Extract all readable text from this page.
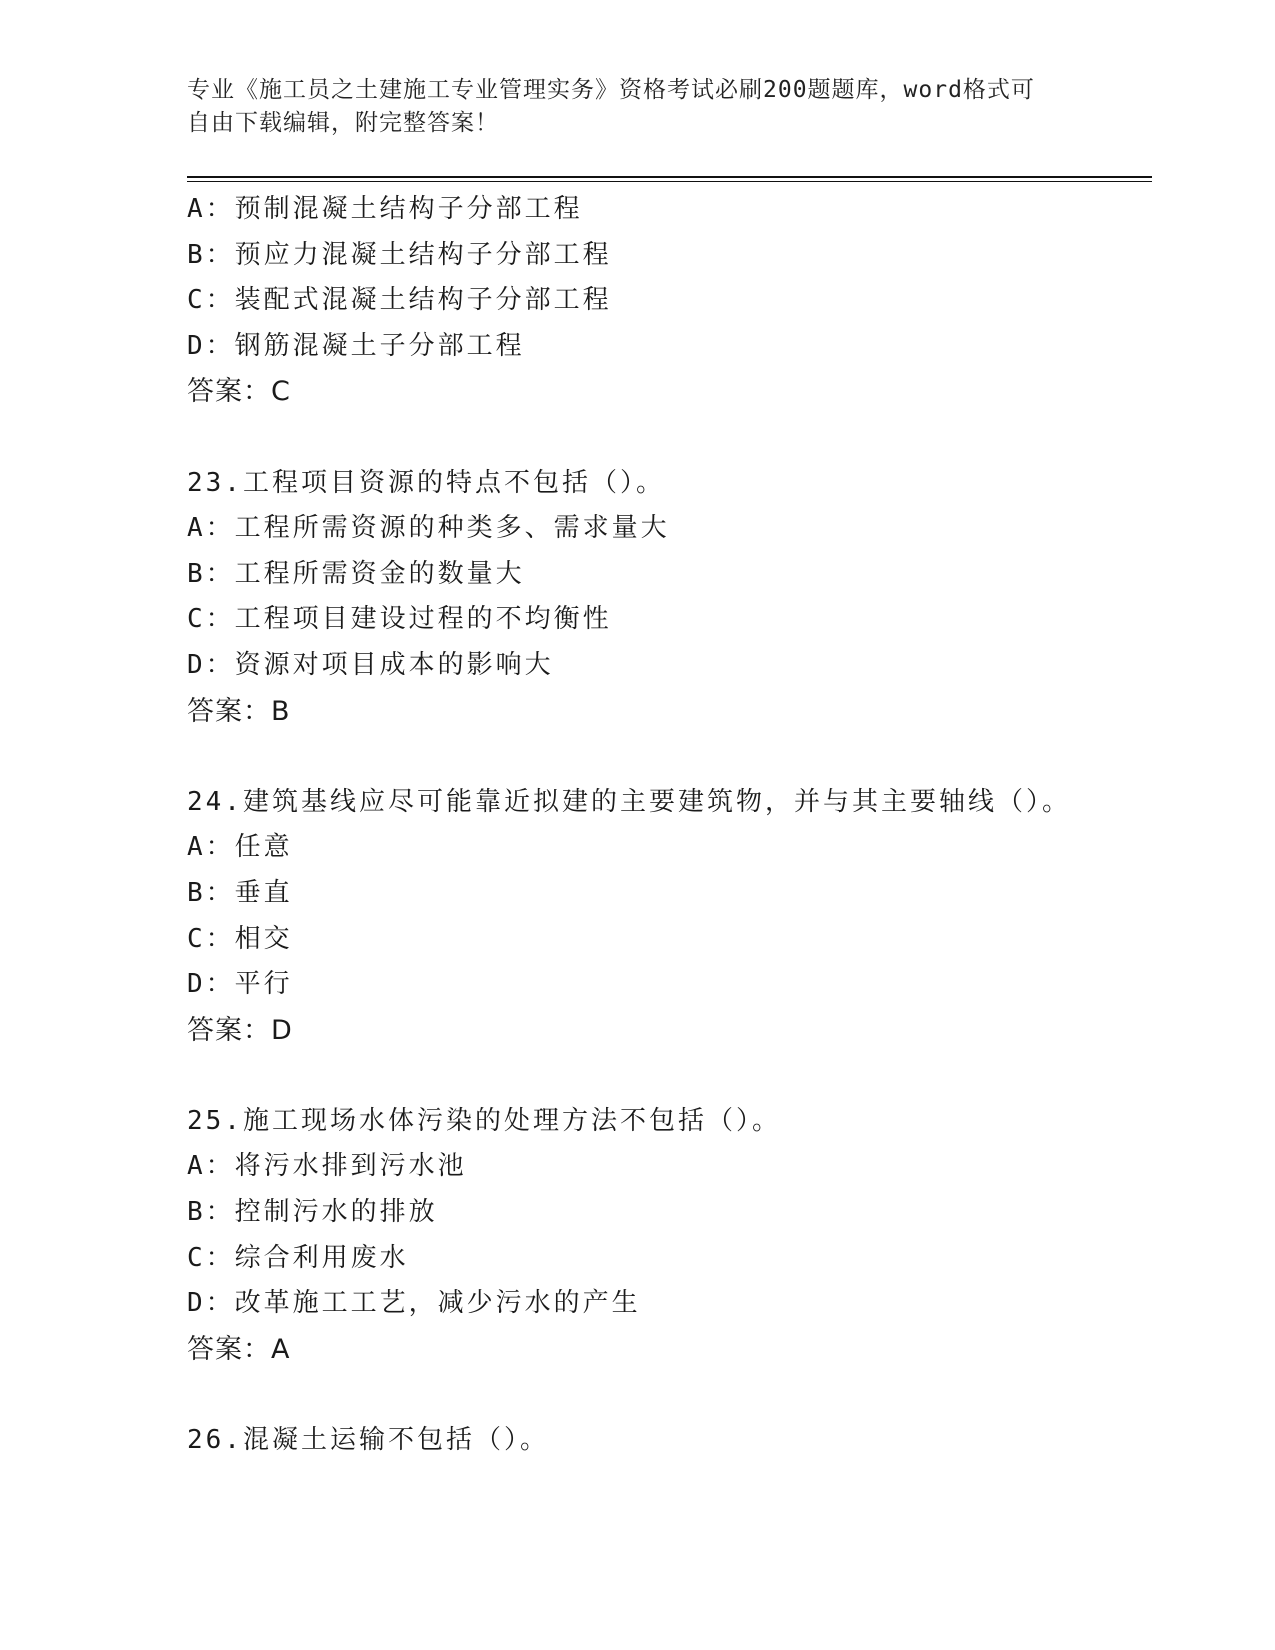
专业《施工员之土建施工专业管理实务》资格考试必刷200题题库，word格式可
自由下载编辑，附完整答案！
A：预制混凝土结构子分部工程
B：预应力混凝土结构子分部工程
C：装配式混凝土结构子分部工程
D：钢筋混凝土子分部工程
答案：C
23.工程项目资源的特点不包括（）。
A：工程所需资源的种类多、需求量大
B：工程所需资金的数量大
C：工程项目建设过程的不均衡性
D：资源对项目成本的影响大
答案：B
24.建筑基线应尽可能靠近拟建的主要建筑物，并与其主要轴线（）。
A：任意
B：垂直
C：相交
D：平行
答案：D
25.施工现场水体污染的处理方法不包括（）。
A：将污水排到污水池
B：控制污水的排放
C：综合利用废水
D：改革施工工艺，减少污水的产生
答案：A
26.混凝土运输不包括（）。
